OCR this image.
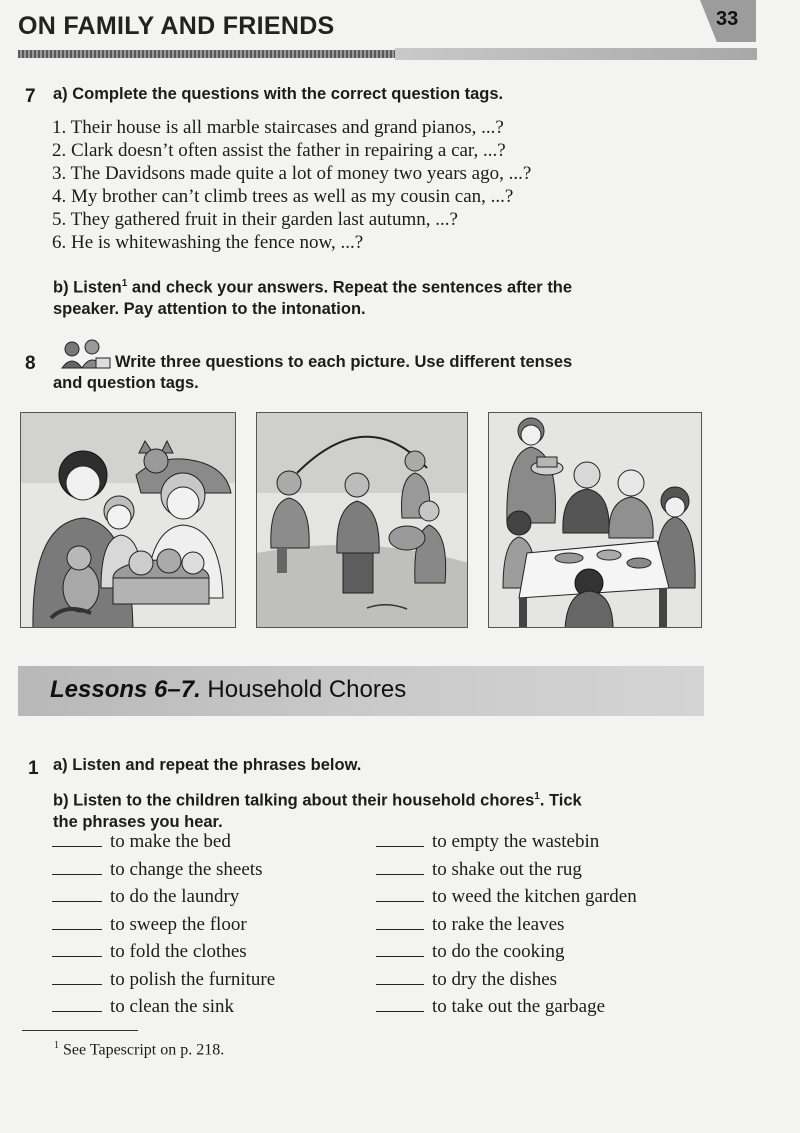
ON FAMILY AND FRIENDS	33
7 a) Complete the questions with the correct question tags.
1. Their house is all marble staircases and grand pianos, ...?
2. Clark doesn’t often assist the father in repairing a car, ...?
3. The Davidsons made quite a lot of money two years ago, ...?
4. My brother can’t climb trees as well as my cousin can, ...?
5. They gathered fruit in their garden last autumn, ...?
6. He is whitewashing the fence now, ...?
b) Listen$^1$ and check your answers. Repeat the sentences after the
speaker. Pay attention to the intonation.
8	Write three questions to each picture. Use different tenses
and question tags.
Lessons 6–7. Household Chores
1 a) Listen and repeat the phrases below.
b) Listen to the children talking about their household chores$^1$. Tick
the phrases you hear.
to make the bed
to change the sheets
to do the laundry
to sweep the floor
to fold the clothes
to polish the furniture
to clean the sink
to empty the wastebin
to shake out the rug
to weed the kitchen garden
to rake the leaves
to do the cooking
to dry the dishes
to take out the garbage
$^1$ See Tapescript on p. 218.
